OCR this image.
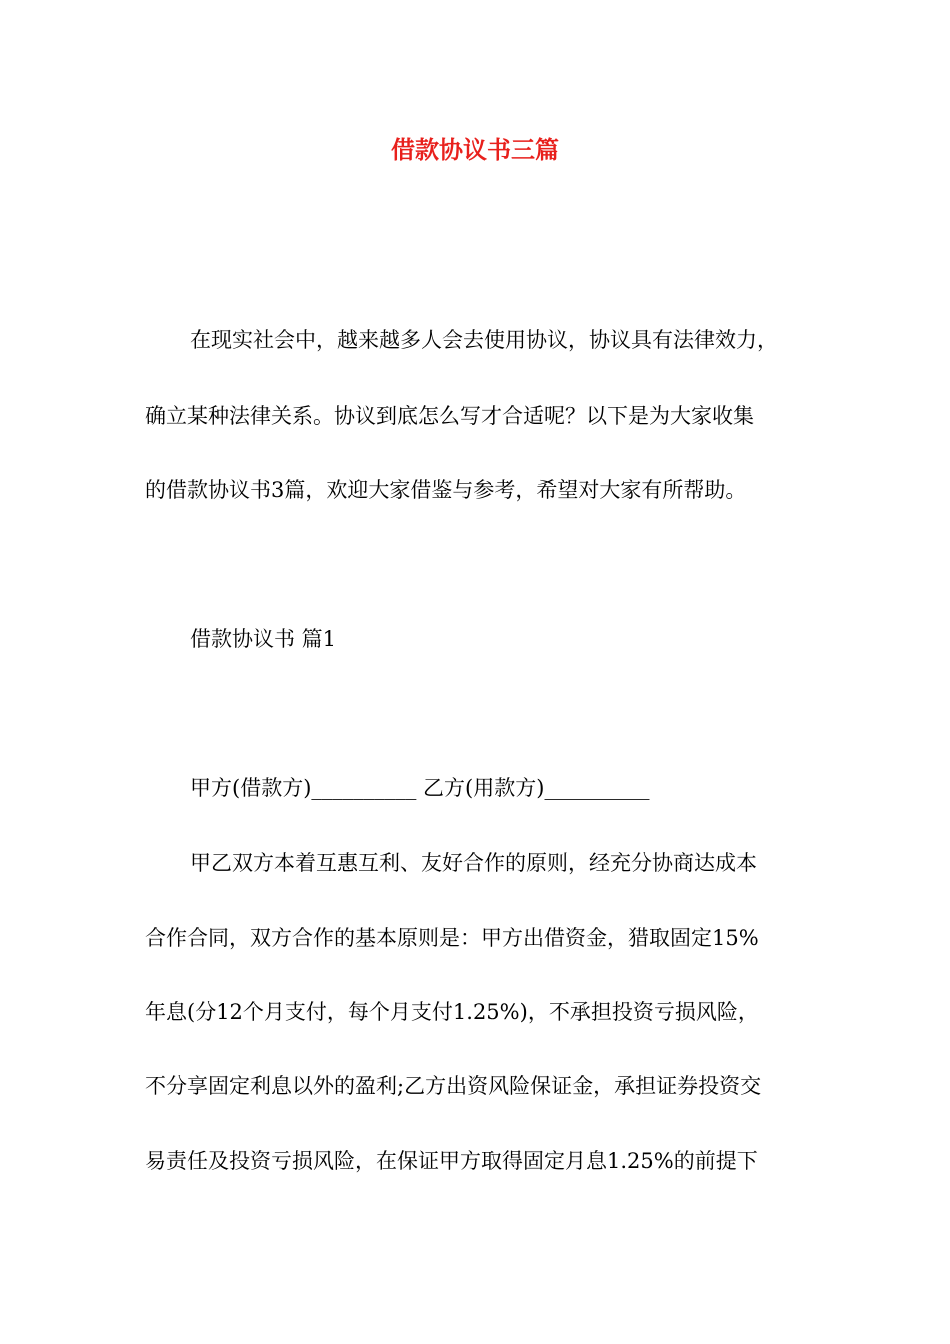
借款协议书三篇
在现实社会中，越来越多人会去使用协议，协议具有法律效力，
确立某种法律关系。协议到底怎么写才合适呢？以下是为大家收集
的借款协议书3篇，欢迎大家借鉴与参考，希望对大家有所帮助。
借款协议书 篇1
甲方(借款方)__________ 乙方(用款方)__________
甲乙双方本着互惠互利、友好合作的原则，经充分协商达成本
合作合同，双方合作的基本原则是：甲方出借资金，猎取固定15%
年息(分12个月支付，每个月支付1.25%)，不承担投资亏损风险，
不分享固定利息以外的盈利;乙方出资风险保证金，承担证券投资交
易责任及投资亏损风险，在保证甲方取得固定月息1.25%的前提下
